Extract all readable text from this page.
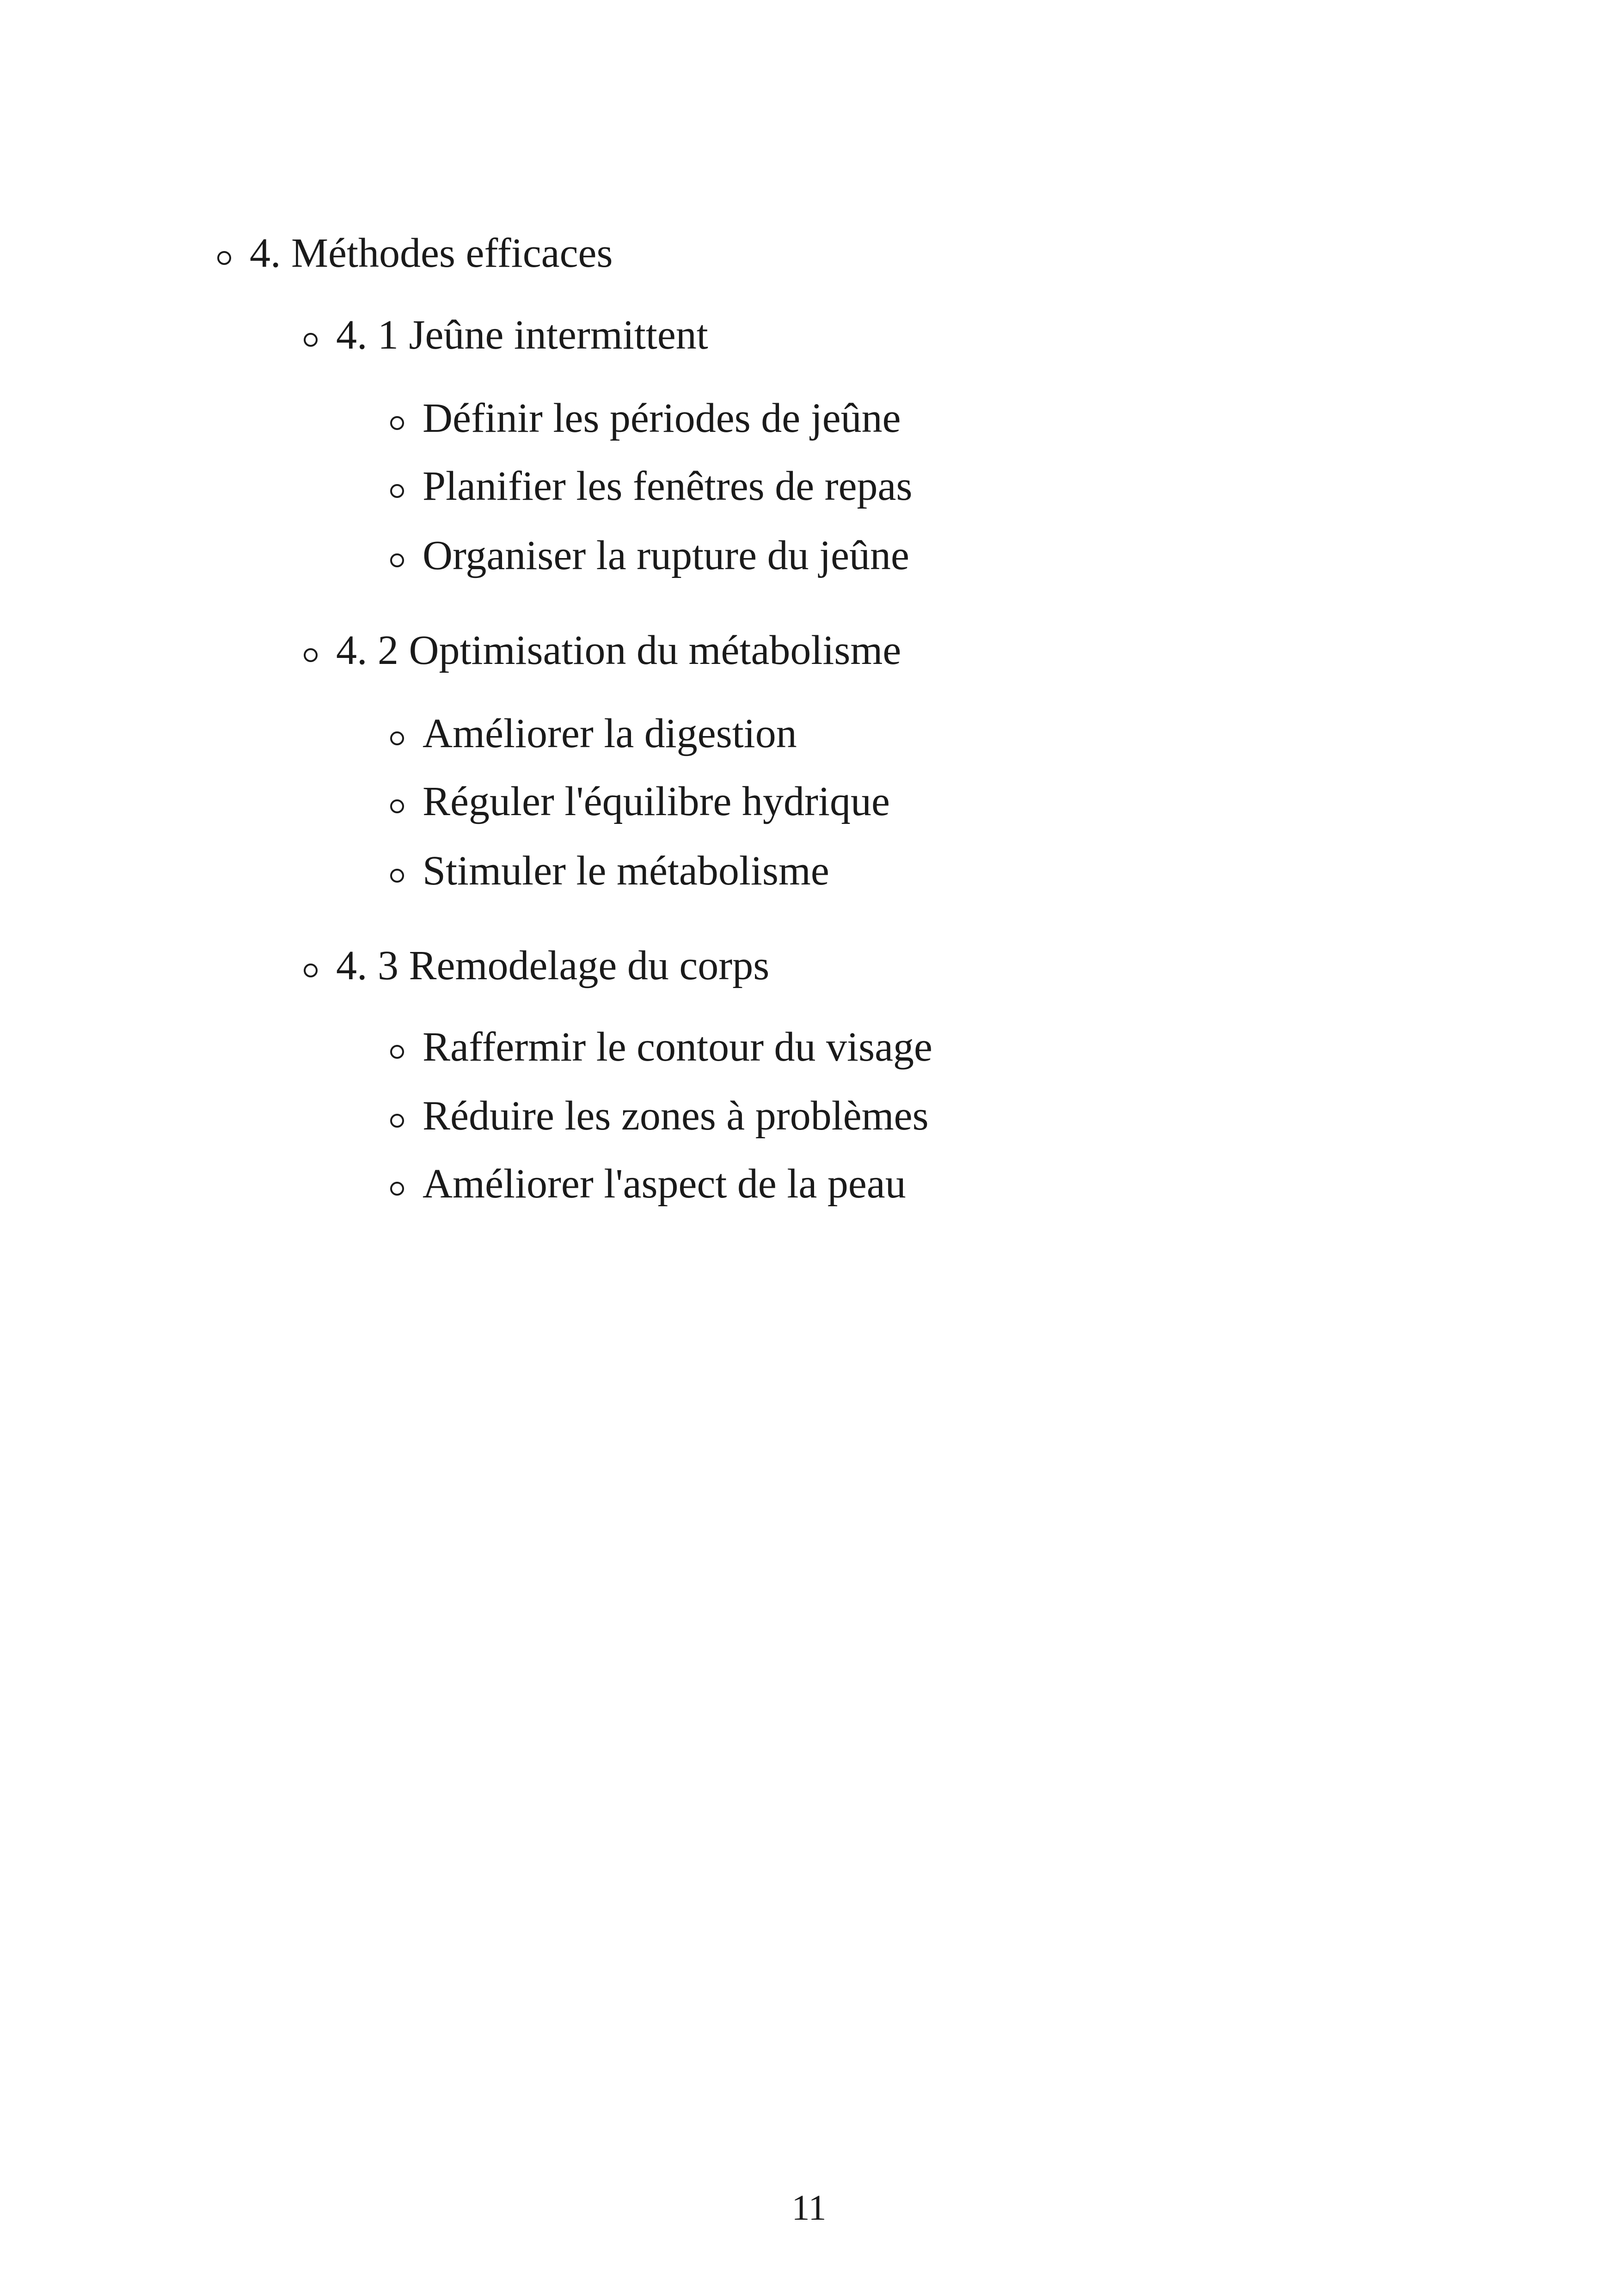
4. Méthodes efficaces
4. 1 Jeûne intermittent
Définir les périodes de jeûne
Planifier les fenêtres de repas
Organiser la rupture du jeûne
4. 2 Optimisation du métabolisme
Améliorer la digestion
Réguler l'équilibre hydrique
Stimuler le métabolisme
4. 3 Remodelage du corps
Raffermir le contour du visage
Réduire les zones à problèmes
Améliorer l'aspect de la peau
11
